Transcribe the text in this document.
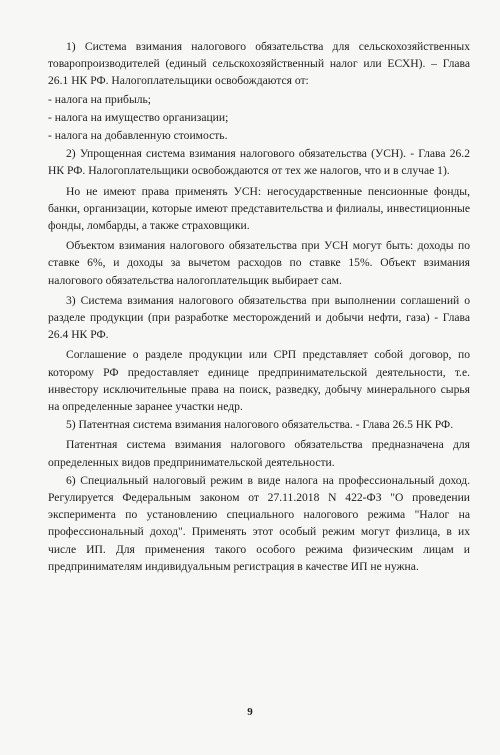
1) Система взимания налогового обязательства для сельскохозяйственных товаропроизводителей (единый сельскохозяйственный налог или ЕСХН). – Глава 26.1 НК РФ. Налогоплательщики освобождаются от:

- налога на прибыль;

- налога на имущество организации;

- налога на добавленную стоимость.

2) Упрощенная система взимания налогового обязательства (УСН). - Глава 26.2 НК РФ. Налогоплательщики освобождаются от тех же налогов, что и в случае 1).

Но не имеют права применять УСН: негосударственные пенсионные фонды, банки, организации, которые имеют представительства и филиалы, инвестиционные фонды, ломбарды, а также страховщики.

Объектом взимания налогового обязательства при УСН могут быть: доходы по ставке 6%, и доходы за вычетом расходов по ставке 15%. Объект взимания налогового обязательства налогоплательщик выбирает сам.

3) Система взимания налогового обязательства при выполнении соглашений о разделе продукции (при разработке месторождений и добычи нефти, газа) - Глава 26.4 НК РФ.

Соглашение о разделе продукции или СРП представляет собой договор, по которому РФ предоставляет единице предпринимательской деятельности, т.е. инвестору исключительные права на поиск, разведку, добычу минерального сырья на определенные заранее участки недр.

5) Патентная система взимания налогового обязательства. - Глава 26.5 НК РФ.

Патентная система взимания налогового обязательства предназначена для определенных видов предпринимательской деятельности.

6) Специальный налоговый режим в виде налога на профессиональный доход. Регулируется Федеральным законом от 27.11.2018 N 422-ФЗ "О проведении эксперимента по установлению специального налогового режима "Налог на профессиональный доход". Применять этот особый режим могут физлица, в их числе ИП. Для применения такого особого режима физическим лицам и предпринимателям индивидуальным регистрация в качестве ИП не нужна.

9
